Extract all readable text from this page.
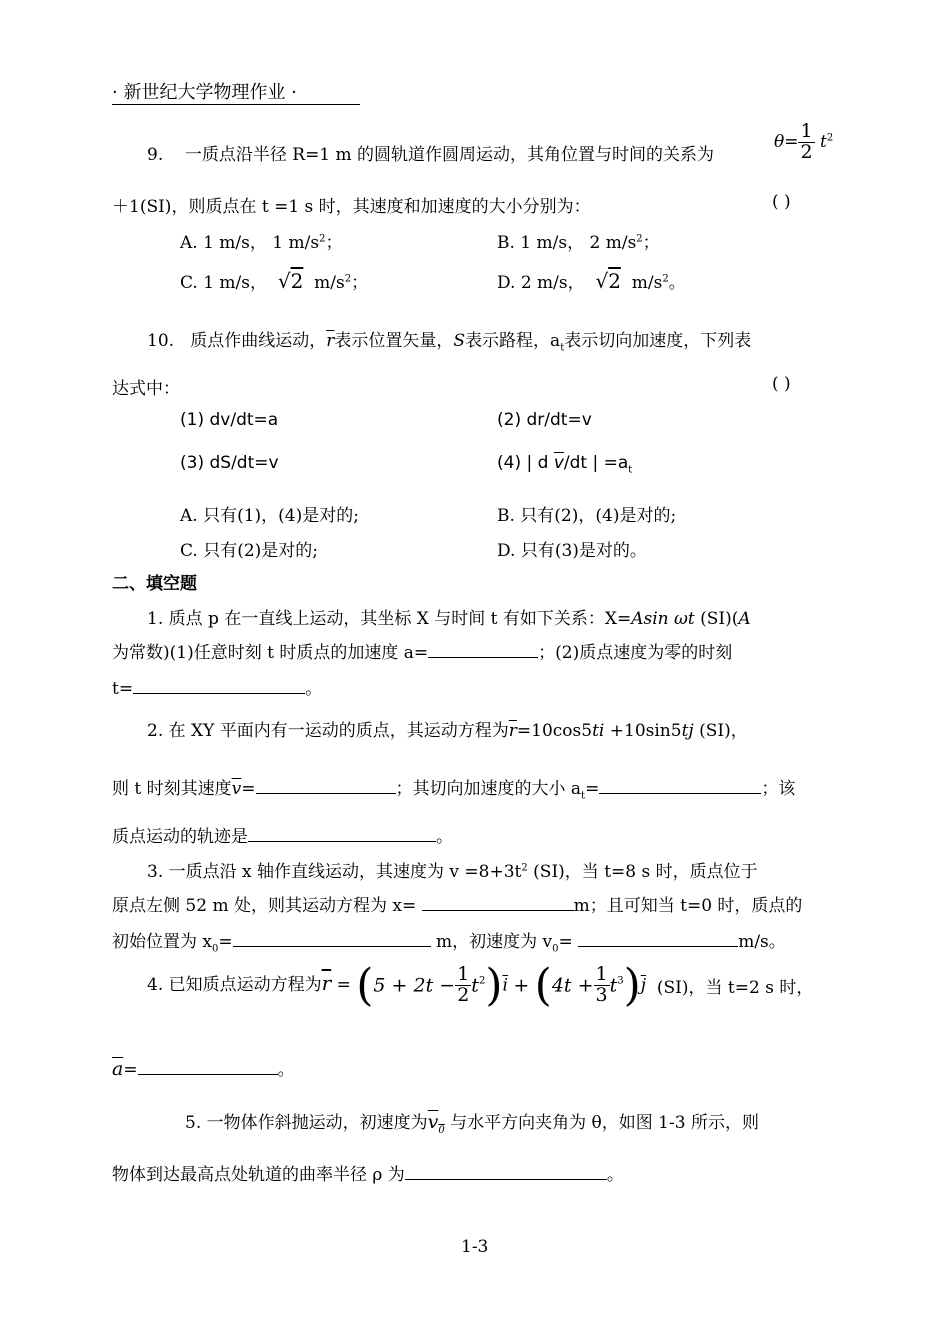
· 新世纪大学物理作业 ·
9. 一质点沿半径 R=1 m 的圆轨道作圆周运动，其角位置与时间的关系为
$\theta= \frac{1}{2} t^2$
＋1(SI)，则质点在 t =1 s 时，其速度和加速度的大小分别为：	( )
A. 1 m/s， 1 $m/s^2$；	B. 1 m/s， 2 $m/s^2$；
C. 1 m/s， √2 $m/s^2$；	D. 2 m/s， √2 $m/s^2$。
10. 质点作曲线运动，$\overline{r}$表示位置矢量，S表示路程，$a_t$表示切向加速度，下列表
达式中：	( )
(1) dv/dt=a	(2) dr/dt=v
(3) dS/dt=v	(4) | d $\overline{v}/dt$ | $=a_t$
A. 只有(1)，(4)是对的;	B. 只有(2)，(4)是对的;
C. 只有(2)是对的;	D. 只有(3)是对的。
二、填空题
1. 质点 p 在一直线上运动，其坐标 X 与时间 t 有如下关系：X=Asin ωt (SI)(A
为常数)(1)任意时刻 t 时质点的加速度 a=	；(2)质点速度为零的时刻
t=	。
2. 在 XY 平面内有一运动的质点，其运动方程为$\overline{r}=10\cos 5ti +10\sin 5tj$ (SI)，
则 t 时刻其速度$\overline{v}=$	；其切向加速度的大小 $a_t=$	；该
质点运动的轨迹是	。
3. 一质点沿 x 轴作直线运动，其速度为 $v =8+3t^2$ (SI)，当 t=8 s 时，质点位于
原点左侧 52 m 处，则其运动方程为 x=	m；且可知当 t=0 时，质点的
初始位置为 $x_0=$	m，初速度为 $v_0=$	m/s。
4. 已知质点运动方程为$\overline{r} = (5 + 2t - \frac{1}{2} t^2)\overline{i} + (4t + \frac{1}{3} t^3)\overline{j}$ (SI)，当 t=2 s 时，
$\overline{a}=$	。
5. 一物体作斜抛运动，初速度为$v_0$ 与水平方向夹角为 θ，如图 1-3 所示，则
物体到达最高点处轨道的曲率半径 ρ 为	。
1-3
